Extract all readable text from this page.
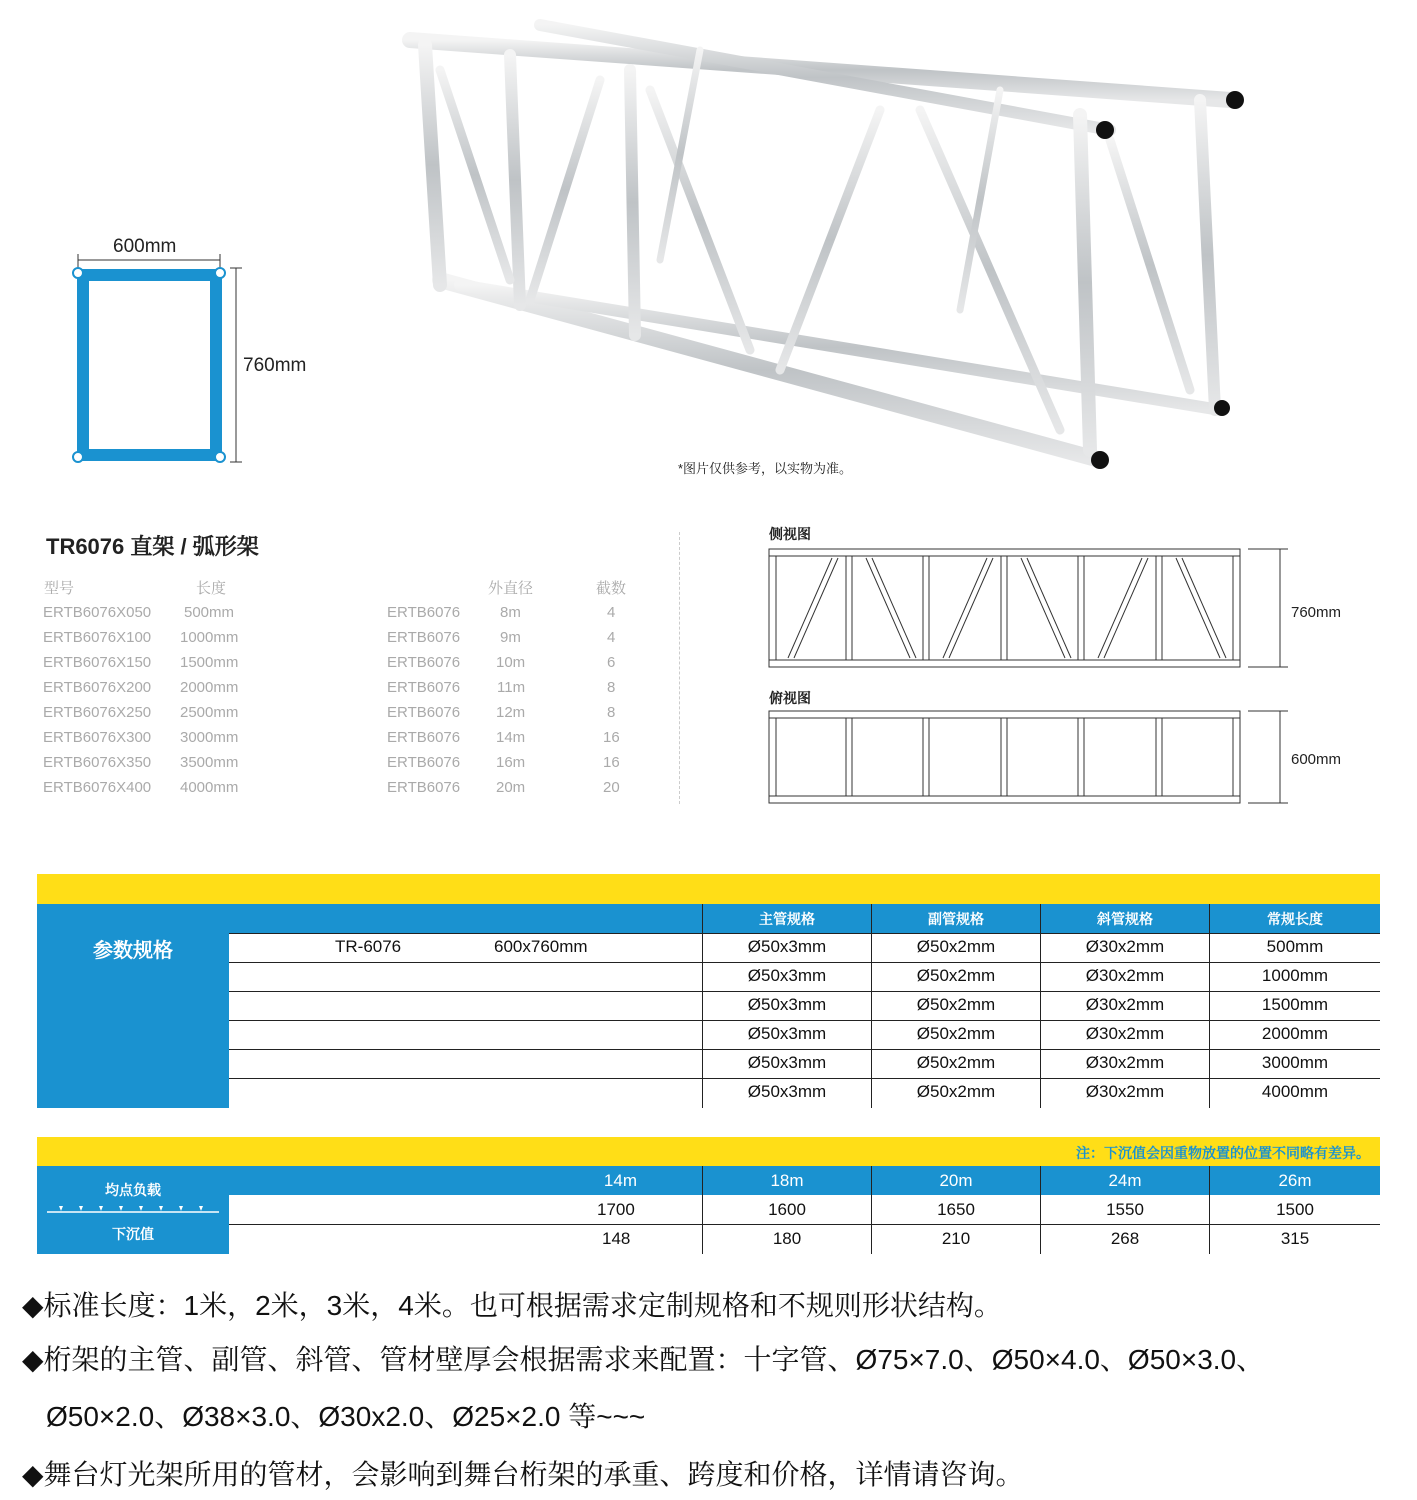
600mm
760mm
*图片仅供参考，以实物为准。
TR6076 直架 / 弧形架
型号	长度	外直径	截数
ERTB6076X050 500mm	ERTB6076	8m	4
ERTB6076X100 1000mm	ERTB6076	9m	4
ERTB6076X150 1500mm	ERTB6076 10m	6
ERTB6076X200 2000mm	ERTB6076 11m	8
ERTB6076X250 2500mm	ERTB6076 12m	8
ERTB6076X300 3000mm	ERTB6076 14m	16
ERTB6076X350 3500mm	ERTB6076 16m	16
ERTB6076X400 4000mm	ERTB6076 20m	20
侧视图
760mm
俯视图
600mm
参数规格
主管规格	副管规格	斜管规格	常规长度
TR-6076	600x760mm	Ø50x3mm	Ø50x2mm	Ø30x2mm	500mm
Ø50x3mm	Ø50x2mm	Ø30x2mm	1000mm
Ø50x3mm	Ø50x2mm	Ø30x2mm	1500mm
Ø50x3mm	Ø50x2mm	Ø30x2mm	2000mm
Ø50x3mm	Ø50x2mm	Ø30x2mm	3000mm
Ø50x3mm	Ø50x2mm	Ø30x2mm	4000mm
注：下沉值会因重物放置的位置不同略有差异。
均点负载
下沉值
14m	18m	20m	24m	26m
1700	1600	1650	1550	1500
148	180	210	268	315
◆标准长度：1米，2米，3米，4米。也可根据需求定制规格和不规则形状结构。
◆桁架的主管、副管、斜管、管材壁厚会根据需求来配置：十字管、Ø75×7.0、Ø50×4.0、Ø50×3.0、
Ø50×2.0、Ø38×3.0、Ø30x2.0、Ø25×2.0 等~~~
◆舞台灯光架所用的管材，会影响到舞台桁架的承重、跨度和价格，详情请咨询。
